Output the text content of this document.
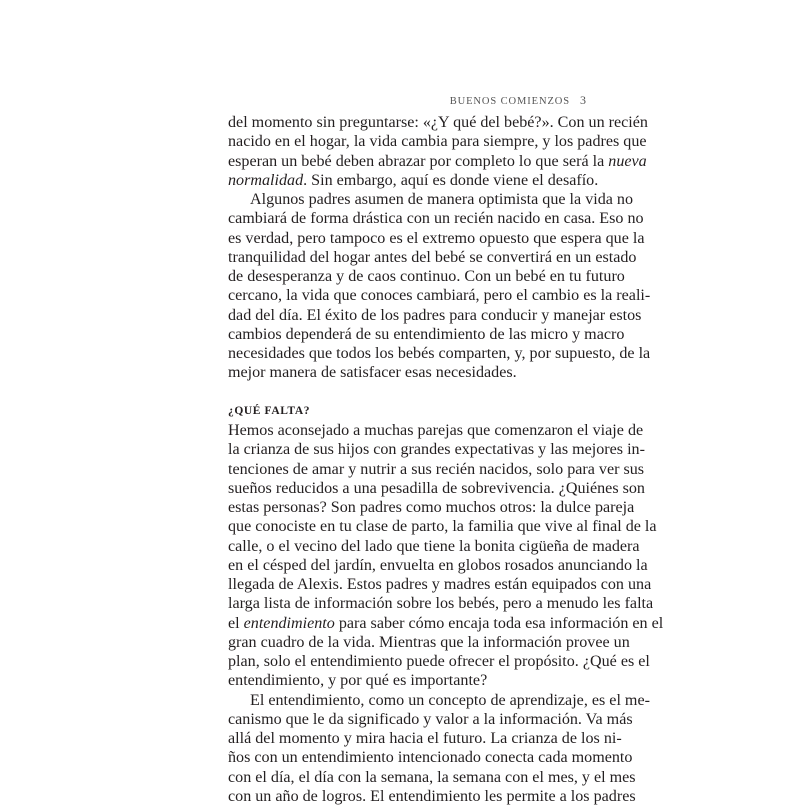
BUENOS COMIENZOS 3
del momento sin preguntarse: «¿Y qué del bebé?». Con un recién
nacido en el hogar, la vida cambia para siempre, y los padres que
esperan un bebé deben abrazar por completo lo que será la nueva
normalidad. Sin embargo, aquí es donde viene el desafío.
Algunos padres asumen de manera optimista que la vida no
cambiará de forma drástica con un recién nacido en casa. Eso no
es verdad, pero tampoco es el extremo opuesto que espera que la
tranquilidad del hogar antes del bebé se convertirá en un estado
de desesperanza y de caos continuo. Con un bebé en tu futuro
cercano, la vida que conoces cambiará, pero el cambio es la reali-
dad del día. El éxito de los padres para conducir y manejar estos
cambios dependerá de su entendimiento de las micro y macro
necesidades que todos los bebés comparten, y, por supuesto, de la
mejor manera de satisfacer esas necesidades.
¿QUÉ FALTA?
Hemos aconsejado a muchas parejas que comenzaron el viaje de
la crianza de sus hijos con grandes expectativas y las mejores in-
tenciones de amar y nutrir a sus recién nacidos, solo para ver sus
sueños reducidos a una pesadilla de sobrevivencia. ¿Quiénes son
estas personas? Son padres como muchos otros: la dulce pareja
que conociste en tu clase de parto, la familia que vive al final de la
calle, o el vecino del lado que tiene la bonita cigüeña de madera
en el césped del jardín, envuelta en globos rosados anunciando la
llegada de Alexis. Estos padres y madres están equipados con una
larga lista de información sobre los bebés, pero a menudo les falta
el entendimiento para saber cómo encaja toda esa información en el
gran cuadro de la vida. Mientras que la información provee un
plan, solo el entendimiento puede ofrecer el propósito. ¿Qué es el
entendimiento, y por qué es importante?
El entendimiento, como un concepto de aprendizaje, es el me-
canismo que le da significado y valor a la información. Va más
allá del momento y mira hacia el futuro. La crianza de los ni-
ños con un entendimiento intencionado conecta cada momento
con el día, el día con la semana, la semana con el mes, y el mes
con un año de logros. El entendimiento les permite a los padres
